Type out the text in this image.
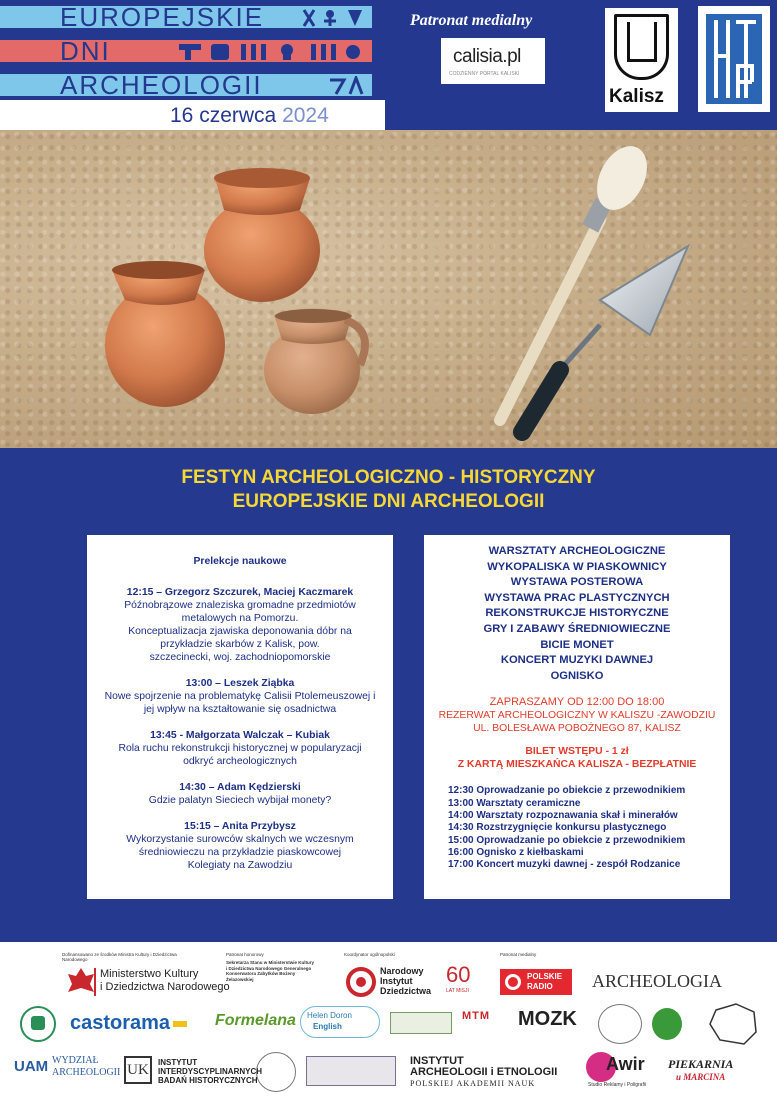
EUROPEJSKIE
DNI
ARCHEOLOGII
16 czerwca 2024
Patronat medialny
calisia.pl
CODZIENNY PORTAL KALISKI
Kalisz
FESTYN ARCHEOLOGICZNO - HISTORYCZNY
EUROPEJSKIE DNI ARCHEOLOGII
Prelekcje naukowe
12:15 – Grzegorz Szczurek, Maciej Kaczmarek
Późnobrązowe znaleziska gromadne przedmiotów
metalowych na Pomorzu.
Konceptualizacja zjawiska deponowania dóbr na
przykładzie skarbów z Kalisk, pow.
szczecinecki, woj. zachodniopomorskie
13:00 – Leszek Ziąbka
Nowe spojrzenie na problematykę Calisii Ptolemeuszowej i
jej wpływ na kształtowanie się osadnictwa
13:45 - Małgorzata Walczak – Kubiak
Rola ruchu rekonstrukcji historycznej w popularyzacji
odkryć archeologicznych
14:30 – Adam Kędzierski
Gdzie palatyn Sieciech wybijał monety?
15:15 – Anita Przybysz
Wykorzystanie surowców skalnych we wczesnym
średniowieczu na przykładzie piaskowcowej
Kolegiaty na Zawodziu
WARSZTATY ARCHEOLOGICZNE
WYKOPALISKA W PIASKOWNICY
WYSTAWA POSTEROWA
WYSTAWA PRAC PLASTYCZNYCH
REKONSTRUKCJE HISTORYCZNE
GRY I ZABAWY ŚREDNIOWIECZNE
BICIE MONET
KONCERT MUZYKI DAWNEJ
OGNISKO
ZAPRASZAMY OD 12:00 DO 18:00
REZERWAT ARCHEOLOGICZNY W KALISZU -ZAWODZIU
UL. BOLESŁAWA POBOŻNEGO 87, KALISZ
BILET WSTĘPU - 1 zł
Z KARTĄ MIESZKAŃCA KALISZA - BEZPŁATNIE
12:30 Oprowadzanie po obiekcie z przewodnikiem
13:00 Warsztaty ceramiczne
14:00 Warsztaty rozpoznawania skał i minerałów
14:30 Rozstrzygnięcie konkursu plastycznego
15:00 Oprowadzanie po obiekcie z przewodnikiem
16:00 Ognisko z kiełbaskami
17:00 Koncert muzyki dawnej - zespół Rodzanice
Dofinansowano ze środków Ministra Kultury i Dziedzictwa Narodowego
Patronat honorowy
Sekretarza Stanu w Ministerstwie Kultury i Dziedzictwa Narodowego Generalnego Konserwatora Zabytków Bożeny Żelazowskiej
Koordynator ogólnopolski	Patronat medialny
Ministerstwo Kultury
i Dziedzictwa Narodowego
Narodowy
Instytut
Dziedzictwa
60
LAT MISJI
POLSKIE
RADIO ARCHEOLOGIA
castorama	Formelana Helen Doron
English
MTM MOZK
UAM WYDZIAŁ
ARCHEOLOGII UK	INSTYTUT
INTERDYSCYPLINARNYCH
BADAŃ HISTORYCZNYCH
INSTYTUT
ARCHEOLOGII i ETNOLOGII
POLSKIEJ AKADEMII NAUK
Awir
Studio Reklamy i Poligrafii
PIEKARNIA
u MARCINA
